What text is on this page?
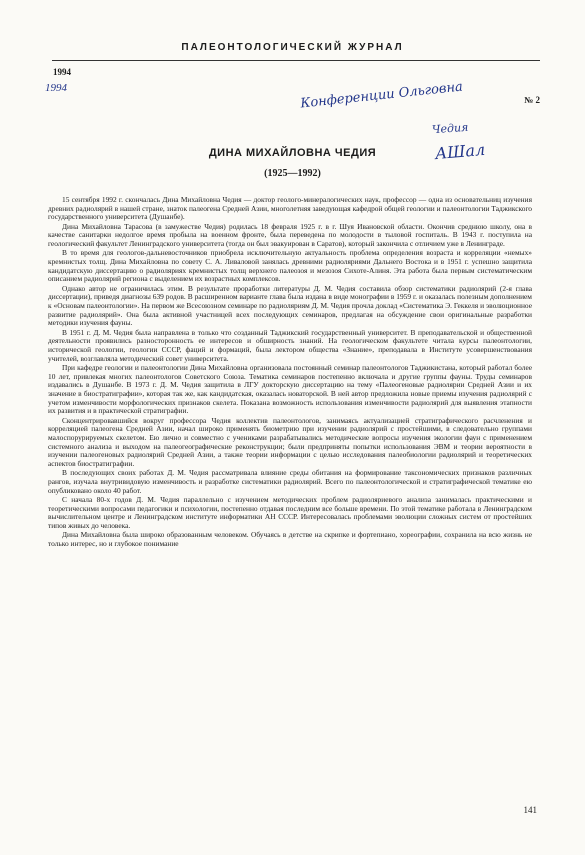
ПАЛЕОНТОЛОГИЧЕСКИЙ ЖУРНАЛ
1994
1994
№ 2
Конференции Ольговна
Чедия
АШал
ДИНА МИХАЙЛОВНА ЧЕДИЯ
(1925—1992)

15 сентября 1992 г. скончалась Дина Михайловна Чедия — доктор геолого-минералогических наук, профессор — одна из основательниц изучения древних радиолярий в нашей стране, знаток палеогена Средней Азии, многолетняя заведующая кафедрой общей геологии и палеонтологии Таджикского государственного университета (Душанбе).

Дина Михайловна Тарасова (в замужестве Чедия) родилась 18 февраля 1925 г. в г. Шуя Ивановской области. Окончив среднюю школу, она в качестве санитарки недолгое время пробыла на военном фронте, была переведена по молодости в тыловой госпиталь. В 1943 г. поступила на геологический факультет Ленинградского университета (тогда он был эвакуирован в Саратов), который закончила с отличием уже в Ленинграде.

В то время для геологов-дальневосточников приобрела исключительную актуальность проблема определения возраста и корреляции «немых» кремнистых толщ. Дина Михайловна по совету С. А. Ливаловой занялась древними радиоляриями Дальнего Востока и в 1951 г. успешно защитила кандидатскую диссертацию о радиоляриях кремнистых толщ верхнего палеозоя и мезозоя Сихоте-Алиня. Эта работа была первым систематическим описанием радиолярий региона с выделением их возрастных комплексов.

Однако автор не ограничилась этим. В результате проработки литературы Д. М. Чедия составила обзор систематики радиолярий (2-я глава диссертации), приведя диагнозы 639 родов. В расширенном варианте глава была издана в виде монографии в 1959 г. и оказалась полезным дополнением к «Основам палеонтологии». На первом же Всесоюзном семинаре по радиоляриям Д. М. Чедия прочла доклад «Систематика Э. Геккеля и эволюционное развитие радиолярий». Она была активной участницей всех последующих семинаров, предлагая на обсуждение свои оригинальные разработки методики изучения фауны.

В 1951 г. Д. М. Чедия была направлена в только что созданный Таджикский государственный университет. В преподавательской и общественной деятельности проявились разносторонность ее интересов и обширность знаний. На геологическом факультете читала курсы палеонтологии, исторической геологии, геологии СССР, фаций и формаций, была лектором общества «Знание», преподавала в Институте усовершенствования учителей, возглавляла методический совет университета.

При кафедре геологии и палеонтологии Дина Михайловна организовала постоянный семинар палеонтологов Таджикистана, который работал более 10 лет, привлекая многих палеонтологов Советского Союза. Тематика семинаров постепенно включала и другие группы фауны. Труды семинаров издавались в Душанбе. В 1973 г. Д. М. Чедия защитила в ЛГУ докторскую диссертацию на тему «Палеогеновые радиолярии Средней Азии и их значение в биостратиграфии», которая так же, как кандидатская, оказалась новаторской. В ней автор предложила новые приемы изучения радиолярий с учетом изменчивости морфологических признаков скелета. Показана возможность использования изменчивости радиолярий для выявления этапности их развития и в практической стратиграфии.

Сконцентрировавшийся вокруг профессора Чедия коллектив палеонтологов, занимаясь актуализацией стратиграфического расчленения и корреляцией палеогена Средней Азии, начал широко применять биометрию при изучении радиолярий с простейшими, в следовательно группами малоспорурируемых скелетом. Ею лично и совместно с учениками разрабатывались методические вопросы изучения экологии фаун с применением системного анализа и выходом на палеогеографические реконструкции; были предприняты попытки использования ЭВМ и теории вероятности в изучении палеогеновых радиолярий Средней Азии, а также теории информации с целью исследования палеобиологии радиолярий и теоретических аспектов биостратиграфии.

В последующих своих работах Д. М. Чедия рассматривала влияние среды обитания на формирование таксономических признаков различных рангов, изучала внутривидовую изменчивость и разработке систематики радиолярий. Всего по палеонтологической и стратиграфической тематике ею опубликовано около 40 работ.

С начала 80-х годов Д. М. Чедия параллельно с изучением методических проблем радиоляриевого анализа занималась практическими и теоретическими вопросами педагогики и психологии, постепенно отдавая последним все больше времени. По этой тематике работала в Ленинградском вычислительном центре и Ленинградском институте информатики АН СССР. Интересовалась проблемами эволюции сложных систем от простейших типов живых до человека.

Дина Михайловна была широко образованным человеком. Обучаясь в детстве на скрипке и фортепиано, хореографии, сохранила на всю жизнь не только интерес, но и глубокое понимание

141
